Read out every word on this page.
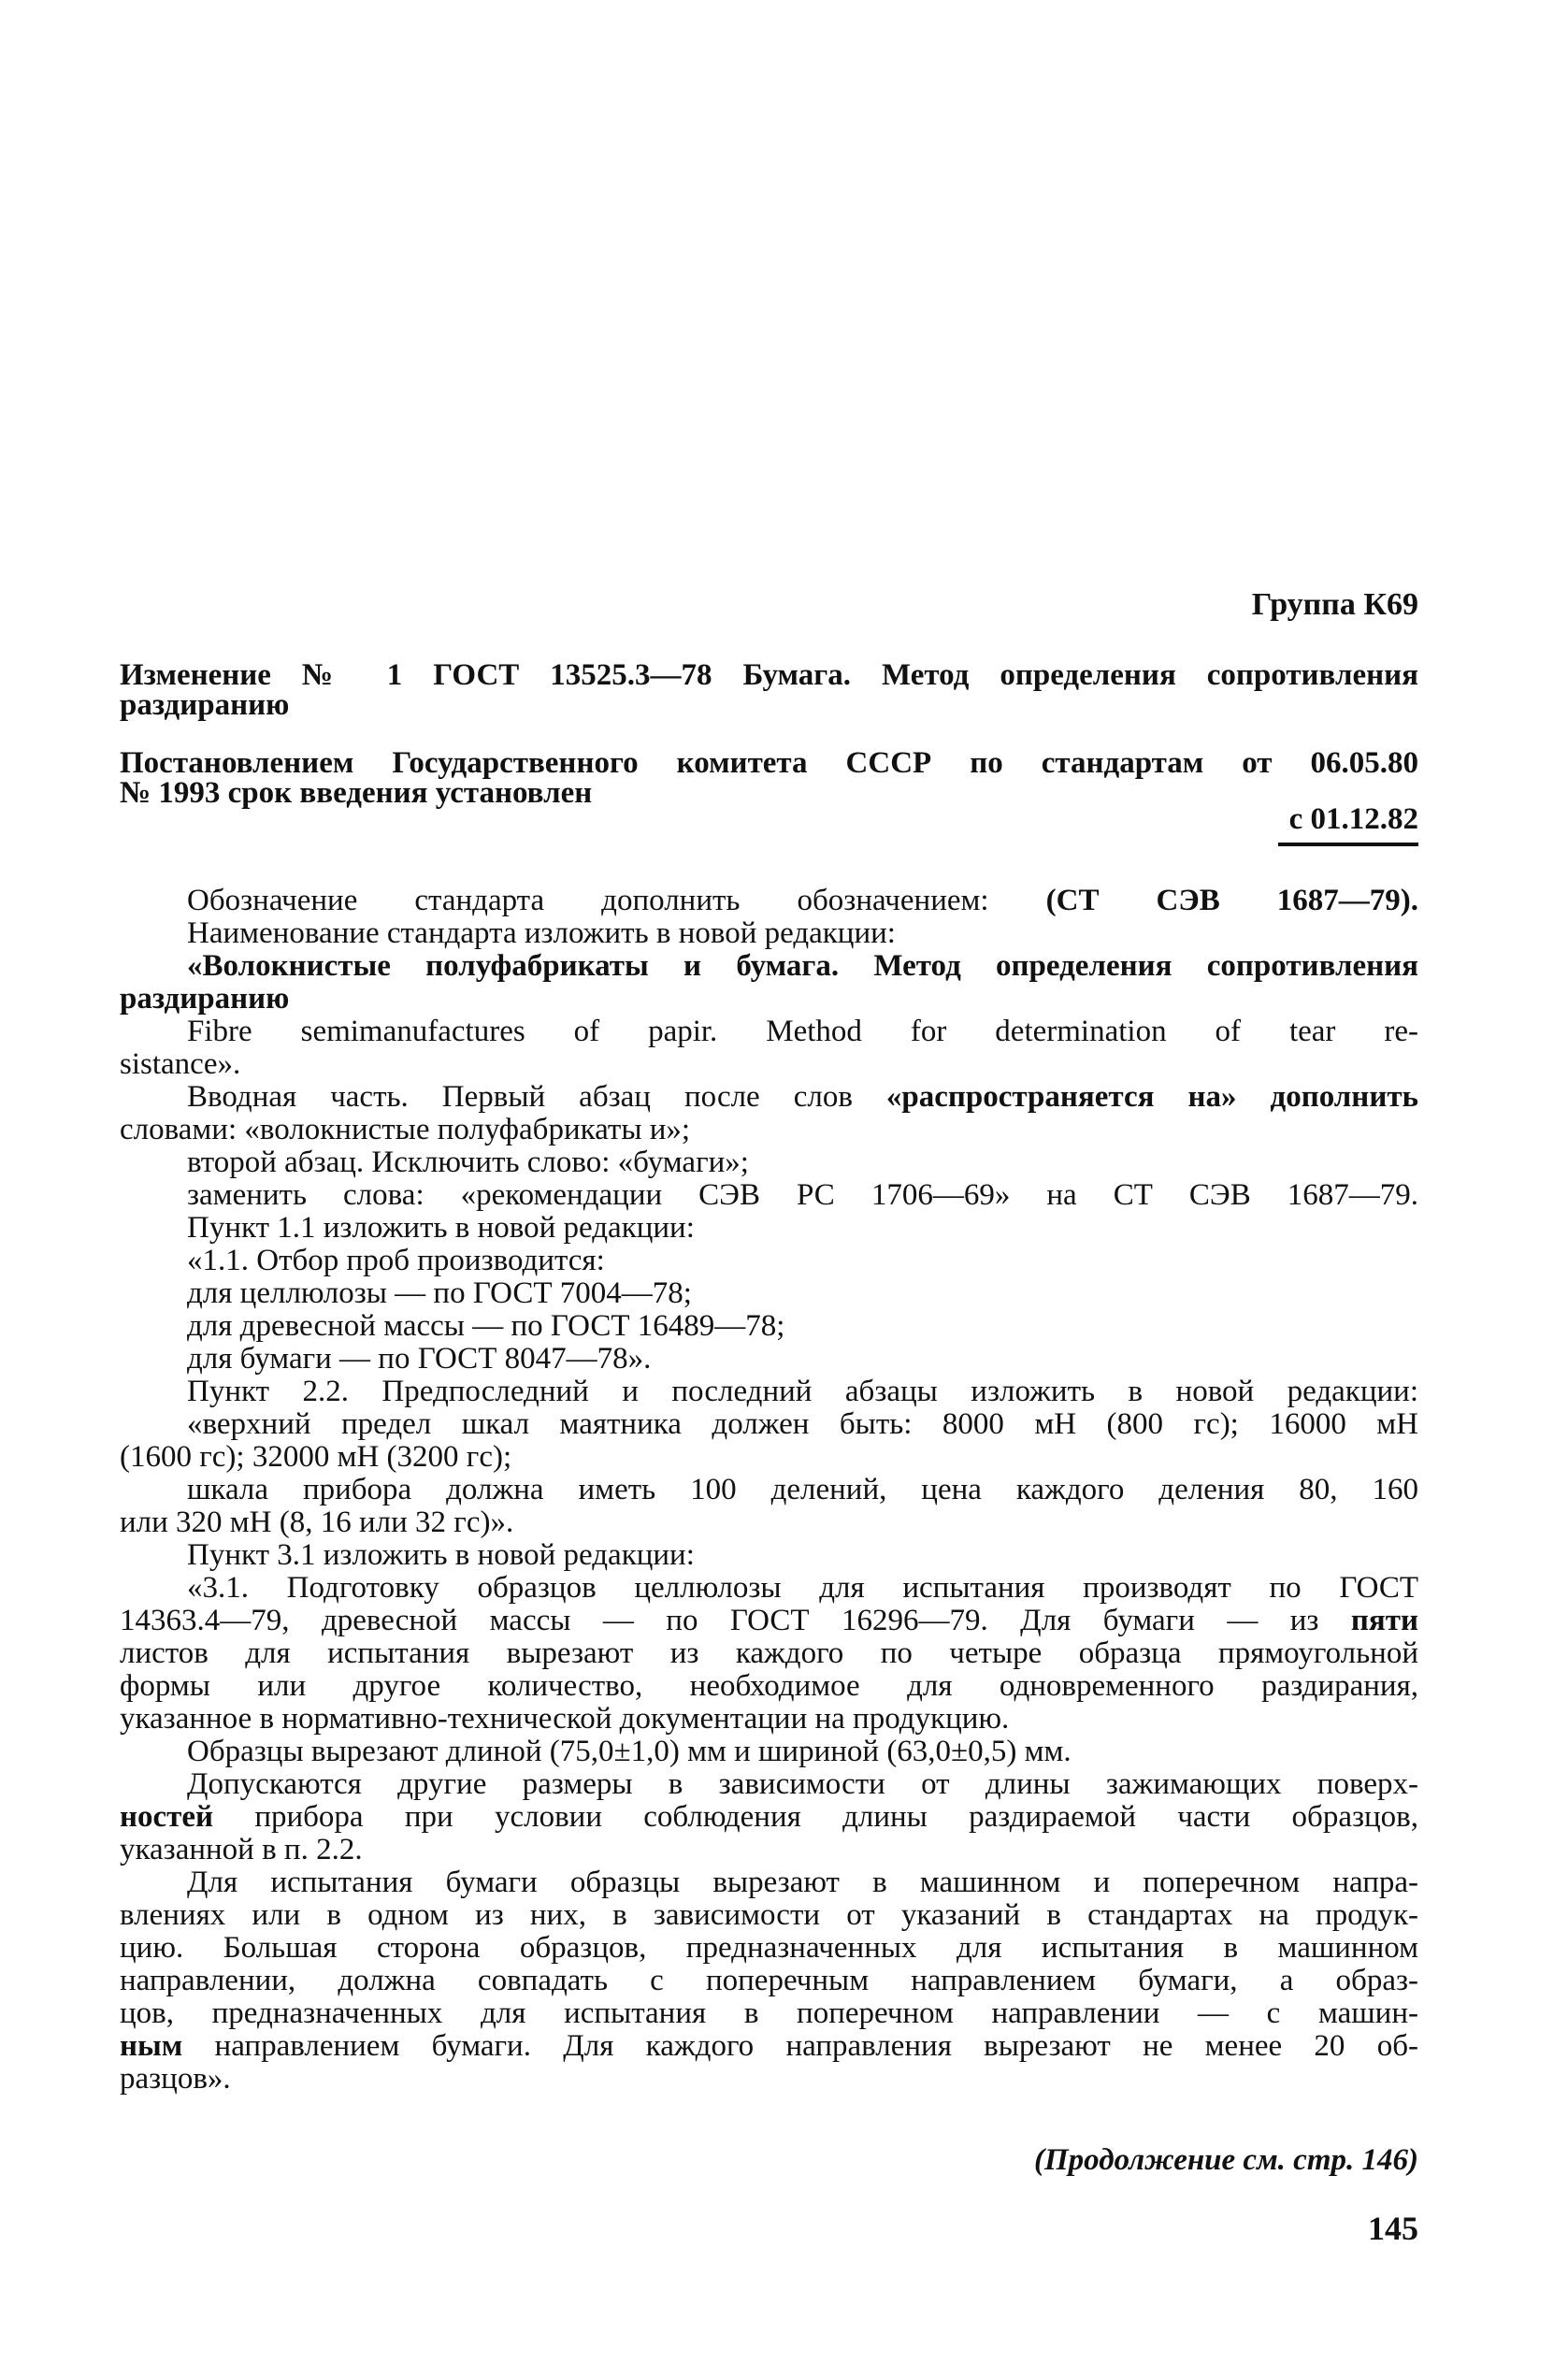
Группа К69
Изменение № 1 ГОСТ 13525.3—78 Бумага. Метод определения сопротивления
раздиранию
Постановлением Государственного комитета СССР по стандартам от 06.05.80
№ 1993 срок введения установлен
с 01.12.82
Обозначение стандарта дополнить обозначением: (СТ СЭВ 1687—79).
Наименование стандарта изложить в новой редакции:
«Волокнистые полуфабрикаты и бумага. Метод определения сопротивления
раздиранию
Fibre semimanufactures of papir. Method for determination of tear re-
sistance».
Вводная часть. Первый абзац после слов «распространяется на» дополнить
словами: «волокнистые полуфабрикаты и»;
второй абзац. Исключить слово: «бумаги»;
заменить слова: «рекомендации СЭВ РС 1706—69» на СТ СЭВ 1687—79.
Пункт 1.1 изложить в новой редакции:
«1.1. Отбор проб производится:
для целлюлозы — по ГОСТ 7004—78;
для древесной массы — по ГОСТ 16489—78;
для бумаги — по ГОСТ 8047—78».
Пункт 2.2. Предпоследний и последний абзацы изложить в новой редакции:
«верхний предел шкал маятника должен быть: 8000 мН (800 гс); 16000 мН
(1600 гс); 32000 мН (3200 гс);
шкала прибора должна иметь 100 делений, цена каждого деления 80, 160
или 320 мН (8, 16 или 32 гс)».
Пункт 3.1 изложить в новой редакции:
«3.1. Подготовку образцов целлюлозы для испытания производят по ГОСТ
14363.4—79, древесной массы — по ГОСТ 16296—79. Для бумаги — из пяти
листов для испытания вырезают из каждого по четыре образца прямоугольной
формы или другое количество, необходимое для одновременного раздирания,
указанное в нормативно-технической документации на продукцию.
Образцы вырезают длиной (75,0±1,0) мм и шириной (63,0±0,5) мм.
Допускаются другие размеры в зависимости от длины зажимающих поверх-
ностей прибора при условии соблюдения длины раздираемой части образцов,
указанной в п. 2.2.
Для испытания бумаги образцы вырезают в машинном и поперечном напра-
влениях или в одном из них, в зависимости от указаний в стандартах на продук-
цию. Большая сторона образцов, предназначенных для испытания в машинном
направлении, должна совпадать с поперечным направлением бумаги, а образ-
цов, предназначенных для испытания в поперечном направлении — с машин-
ным направлением бумаги. Для каждого направления вырезают не менее 20 об-
разцов».
(Продолжение см. стр. 146)
145
